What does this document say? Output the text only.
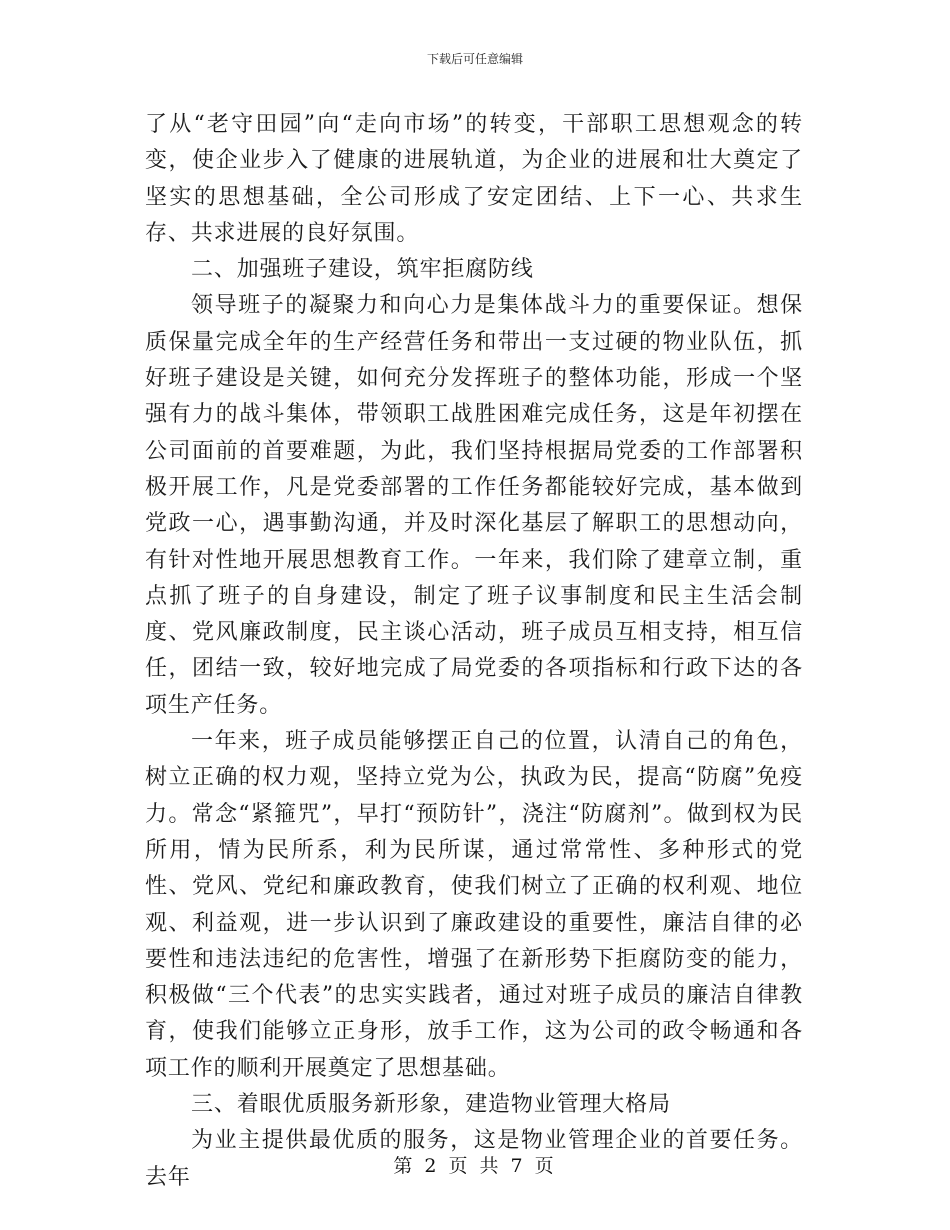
下载后可任意编辑

了从“老守田园”向“走向市场”的转变，干部职工思想观念的转变，使企业步入了健康的进展轨道，为企业的进展和壮大奠定了坚实的思想基础，全公司形成了安定团结、上下一心、共求生存、共求进展的良好氛围。

二、加强班子建设，筑牢拒腐防线

领导班子的凝聚力和向心力是集体战斗力的重要保证。想保质保量完成全年的生产经营任务和带出一支过硬的物业队伍，抓好班子建设是关键，如何充分发挥班子的整体功能，形成一个坚强有力的战斗集体，带领职工战胜困难完成任务，这是年初摆在公司面前的首要难题，为此，我们坚持根据局党委的工作部署积极开展工作，凡是党委部署的工作任务都能较好完成，基本做到党政一心，遇事勤沟通，并及时深化基层了解职工的思想动向，有针对性地开展思想教育工作。一年来，我们除了建章立制，重点抓了班子的自身建设，制定了班子议事制度和民主生活会制度、党风廉政制度，民主谈心活动，班子成员互相支持，相互信任，团结一致，较好地完成了局党委的各项指标和行政下达的各项生产任务。

一年来，班子成员能够摆正自己的位置，认清自己的角色，树立正确的权力观，坚持立党为公，执政为民，提高“防腐”免疫力。常念“紧箍咒”，早打“预防针”，浇注“防腐剂”。做到权为民所用，情为民所系，利为民所谋，通过常常性、多种形式的党性、党风、党纪和廉政教育，使我们树立了正确的权利观、地位观、利益观，进一步认识到了廉政建设的重要性，廉洁自律的必要性和违法违纪的危害性，增强了在新形势下拒腐防变的能力，积极做“三个代表”的忠实实践者，通过对班子成员的廉洁自律教育，使我们能够立正身形，放手工作，这为公司的政令畅通和各项工作的顺利开展奠定了思想基础。

三、着眼优质服务新形象，建造物业管理大格局

为业主提供最优质的服务，这是物业管理企业的首要任务。去年	第 2 页 共 7 页
